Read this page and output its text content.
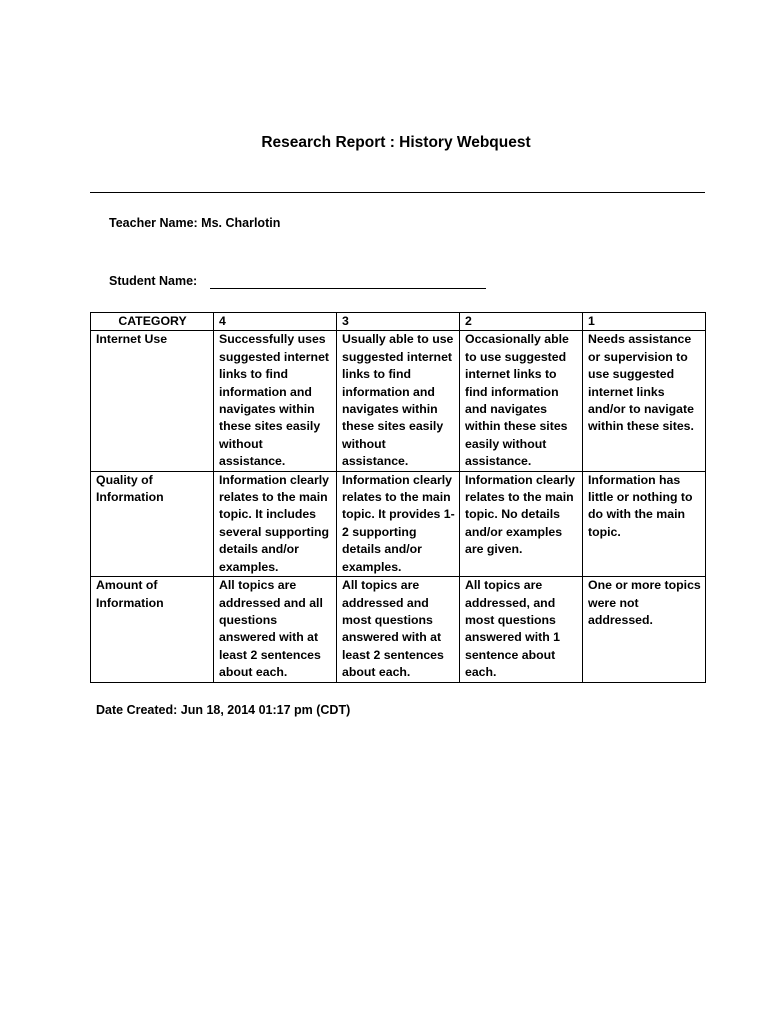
Research Report : History Webquest
Teacher Name: Ms. Charlotin
Student Name:
CATEGORY	4	3	2	1
Internet Use	Successfully uses suggested internet links to find information and navigates within these sites easily without assistance.	Usually able to use suggested internet links to find information and navigates within these sites easily without assistance.	Occasionally able to use suggested internet links to find information and navigates within these sites easily without assistance.	Needs assistance or supervision to use suggested internet links and/or to navigate within these sites.
Quality of Information	Information clearly relates to the main topic. It includes several supporting details and/or examples.	Information clearly relates to the main topic. It provides 1-2 supporting details and/or examples.	Information clearly relates to the main topic. No details and/or examples are given.	Information has little or nothing to do with the main topic.
Amount of Information	All topics are addressed and all questions answered with at least 2 sentences about each.	All topics are addressed and most questions answered with at least 2 sentences about each.	All topics are addressed, and most questions answered with 1 sentence about each.	One or more topics were not addressed.
Date Created: Jun 18, 2014 01:17 pm (CDT)
